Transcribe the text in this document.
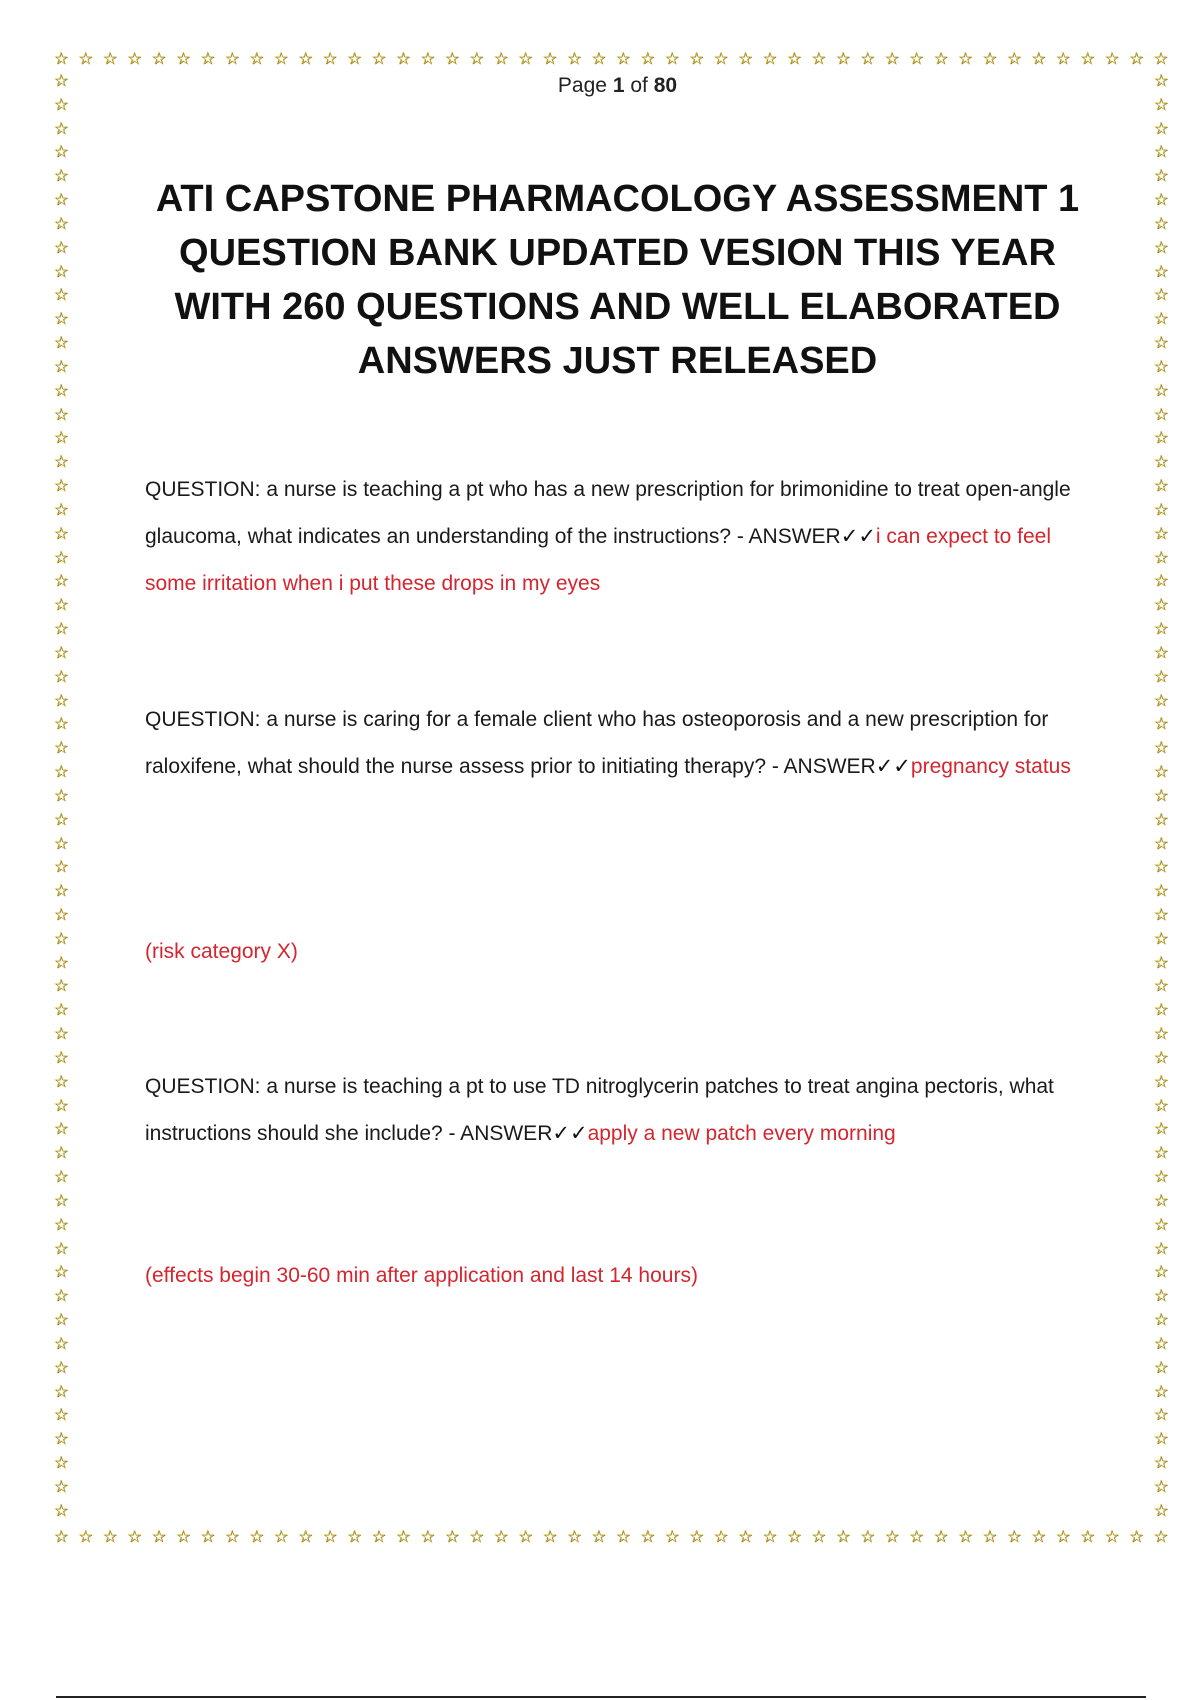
☆ ☆ ☆ ☆ ☆ ☆ ☆ ☆ ☆ ☆ ☆ ☆ ☆ ☆ ☆ ☆ ☆ ☆ ☆ ☆ ☆ ☆ ☆ ☆ ☆ ☆ ☆ ☆ ☆ ☆ ☆ ☆ ☆ ☆ ☆ ☆ ☆ ☆ ☆ ☆ ☆ ☆ ☆ ☆ ☆ ☆
☆ ☆ ☆ ☆ ☆ ☆ ☆ ☆ ☆ ☆ ☆ ☆ ☆ ☆ ☆ ☆ ☆ ☆ ☆ ☆ ☆ ☆ ☆ ☆ ☆ ☆ ☆ ☆ ☆ ☆ ☆ ☆ ☆ ☆ ☆ ☆ ☆ ☆ ☆ ☆ ☆ ☆ ☆ ☆ ☆ ☆
☆
☆
☆
☆
☆
☆
☆
☆
☆
☆
☆
☆
☆
☆
☆
☆
☆
☆
☆
☆
☆
☆
☆
☆
☆
☆
☆
☆
☆
☆
☆
☆
☆
☆
☆
☆
☆
☆
☆
☆
☆
☆
☆
☆
☆
☆
☆
☆
☆
☆
☆
☆
☆
☆
☆
☆
☆
☆
☆
☆
☆
☆
☆
☆
☆
☆
☆
☆
☆
☆
☆
☆
☆
☆
☆
☆
☆
☆
☆
☆
☆
☆
☆
☆
☆
☆
☆
☆
☆
☆
☆
☆
☆
☆
☆
☆
☆
☆
☆
☆
☆
☆
☆
☆
☆
☆
☆
☆
☆
☆
☆
☆
☆
☆
☆
☆
☆
☆
☆
☆
☆
☆
Page 1 of 80
ATI CAPSTONE PHARMACOLOGY ASSESSMENT 1 QUESTION BANK UPDATED VESION THIS YEAR WITH 260 QUESTIONS AND WELL ELABORATED ANSWERS JUST RELEASED
QUESTION: a nurse is teaching a pt who has a new prescription for brimonidine to treat open-angle glaucoma, what indicates an understanding of the instructions? - ANSWER✓✓i can expect to feel some irritation when i put these drops in my eyes
QUESTION: a nurse is caring for a female client who has osteoporosis and a new prescription for raloxifene, what should the nurse assess prior to initiating therapy? - ANSWER✓✓pregnancy status
(risk category X)
QUESTION: a nurse is teaching a pt to use TD nitroglycerin patches to treat angina pectoris, what instructions should she include? - ANSWER✓✓apply a new patch every morning
(effects begin 30-60 min after application and last 14 hours)
